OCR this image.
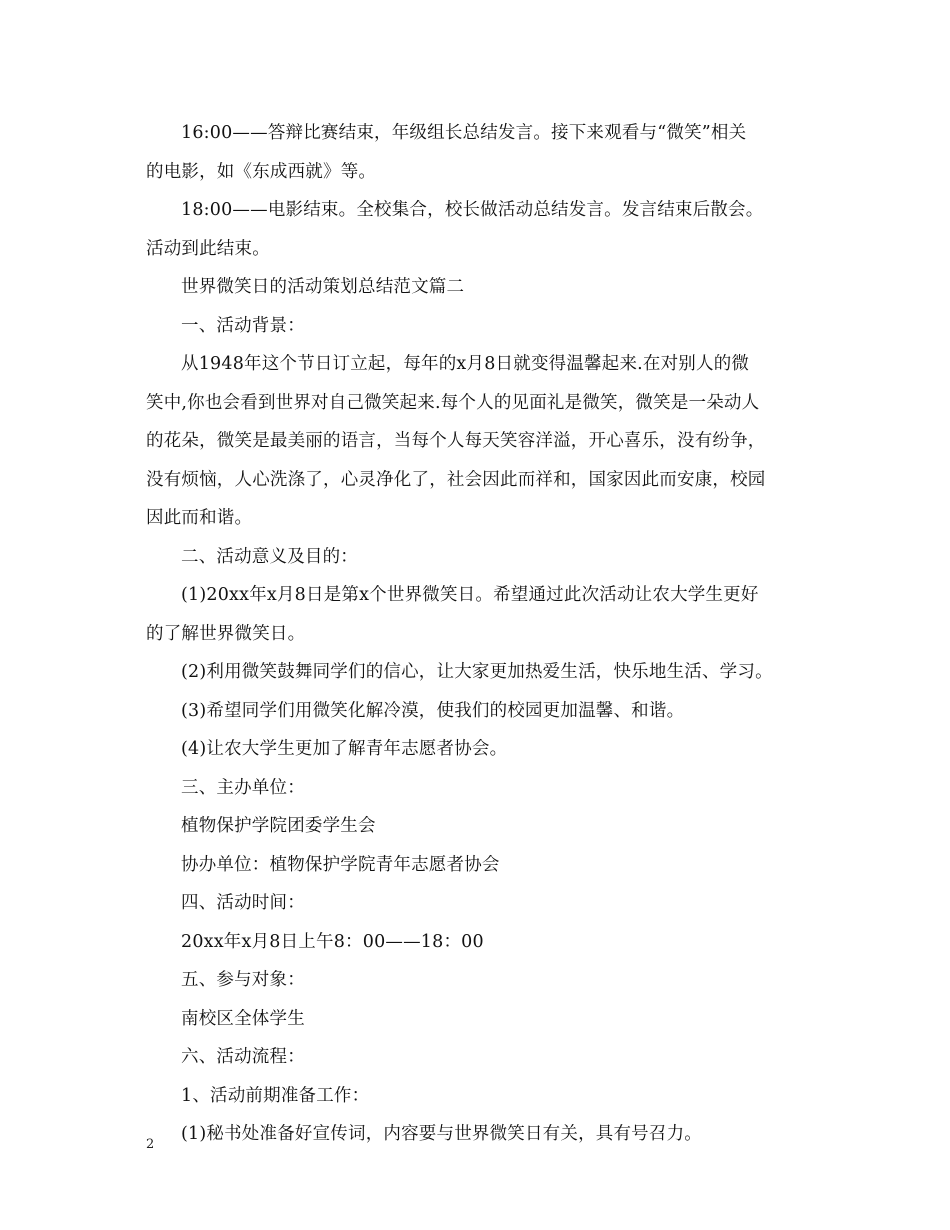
16:00——答辩比赛结束，年级组长总结发言。接下来观看与“微笑”相关
的电影，如《东成西就》等。
18:00——电影结束。全校集合，校长做活动总结发言。发言结束后散会。
活动到此结束。
世界微笑日的活动策划总结范文篇二
一、活动背景：
从1948年这个节日订立起，每年的x月8日就变得温馨起来.在对别人的微
笑中,你也会看到世界对自己微笑起来.每个人的见面礼是微笑，微笑是一朵动人
的花朵，微笑是最美丽的语言，当每个人每天笑容洋溢，开心喜乐，没有纷争，
没有烦恼，人心洗涤了，心灵净化了，社会因此而祥和，国家因此而安康，校园
因此而和谐。
二、活动意义及目的：
(1)20xx年x月8日是第x个世界微笑日。希望通过此次活动让农大学生更好
的了解世界微笑日。
(2)利用微笑鼓舞同学们的信心，让大家更加热爱生活，快乐地生活、学习。
(3)希望同学们用微笑化解冷漠，使我们的校园更加温馨、和谐。
(4)让农大学生更加了解青年志愿者协会。
三、主办单位：
植物保护学院团委学生会
协办单位：植物保护学院青年志愿者协会
四、活动时间：
20xx年x月8日上午8：00——18：00
五、参与对象：
南校区全体学生
六、活动流程：
1、活动前期准备工作：
(1)秘书处准备好宣传词，内容要与世界微笑日有关，具有号召力。
2
